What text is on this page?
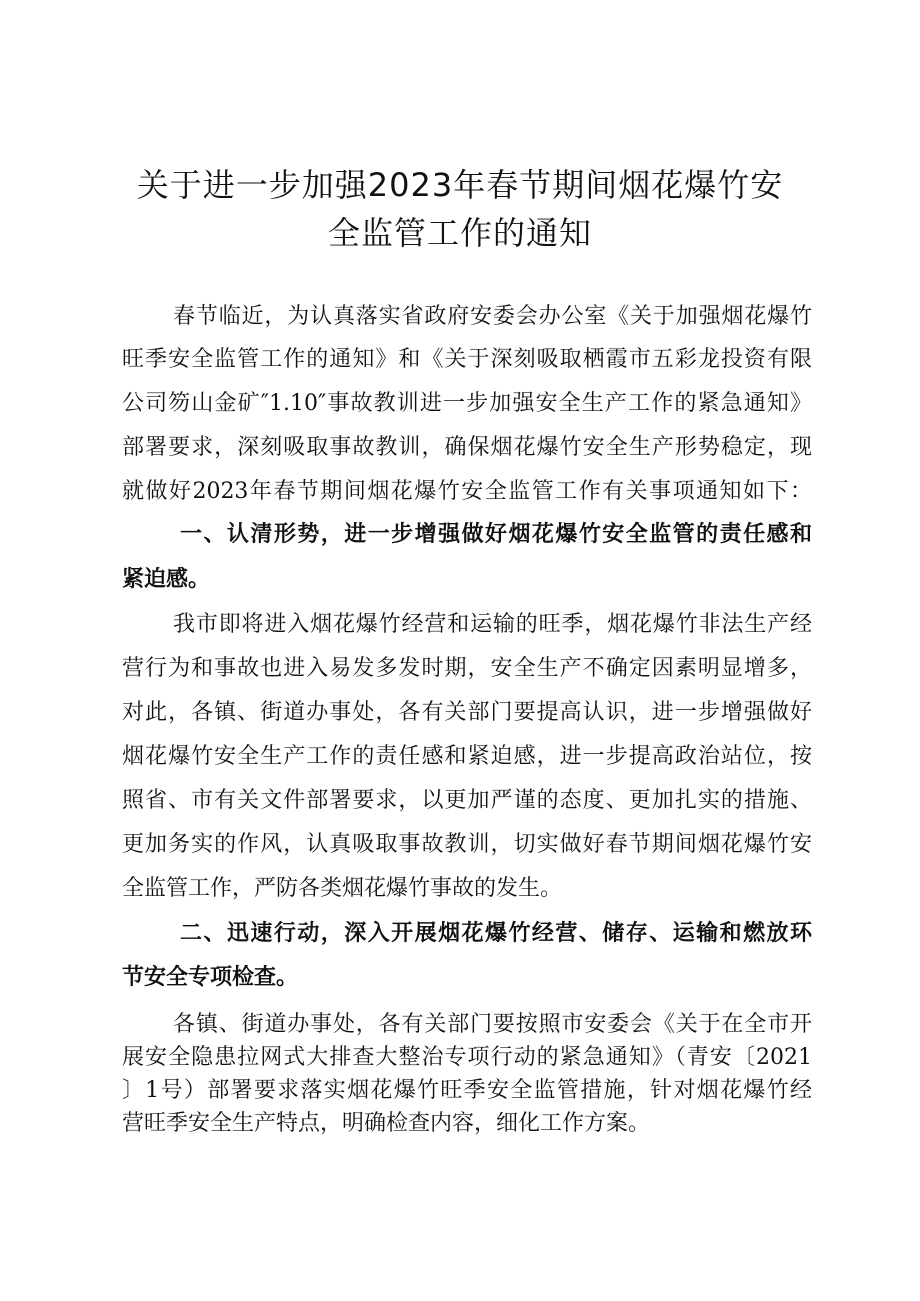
关于进一步加强2023年春节期间烟花爆竹安
全监管工作的通知
春节临近，为认真落实省政府安委会办公室《关于加强烟花爆竹
旺季安全监管工作的通知》和《关于深刻吸取栖霞市五彩龙投资有限
公司笏山金矿″1.10″事故教训进一步加强安全生产工作的紧急通知》
部署要求，深刻吸取事故教训，确保烟花爆竹安全生产形势稳定，现
就做好2023年春节期间烟花爆竹安全监管工作有关事项通知如下：
一、认清形势，进一步增强做好烟花爆竹安全监管的责任感和
紧迫感。
我市即将进入烟花爆竹经营和运输的旺季，烟花爆竹非法生产经
营行为和事故也进入易发多发时期，安全生产不确定因素明显增多，
对此，各镇、街道办事处，各有关部门要提高认识，进一步增强做好
烟花爆竹安全生产工作的责任感和紧迫感，进一步提高政治站位，按
照省、市有关文件部署要求，以更加严谨的态度、更加扎实的措施、
更加务实的作风，认真吸取事故教训，切实做好春节期间烟花爆竹安
全监管工作，严防各类烟花爆竹事故的发生。
二、迅速行动，深入开展烟花爆竹经营、储存、运输和燃放环
节安全专项检查。
各镇、街道办事处，各有关部门要按照市安委会《关于在全市开
展安全隐患拉网式大排查大整治专项行动的紧急通知》（青安〔2021
〕1号）部署要求落实烟花爆竹旺季安全监管措施，针对烟花爆竹经
营旺季安全生产特点，明确检查内容，细化工作方案。
